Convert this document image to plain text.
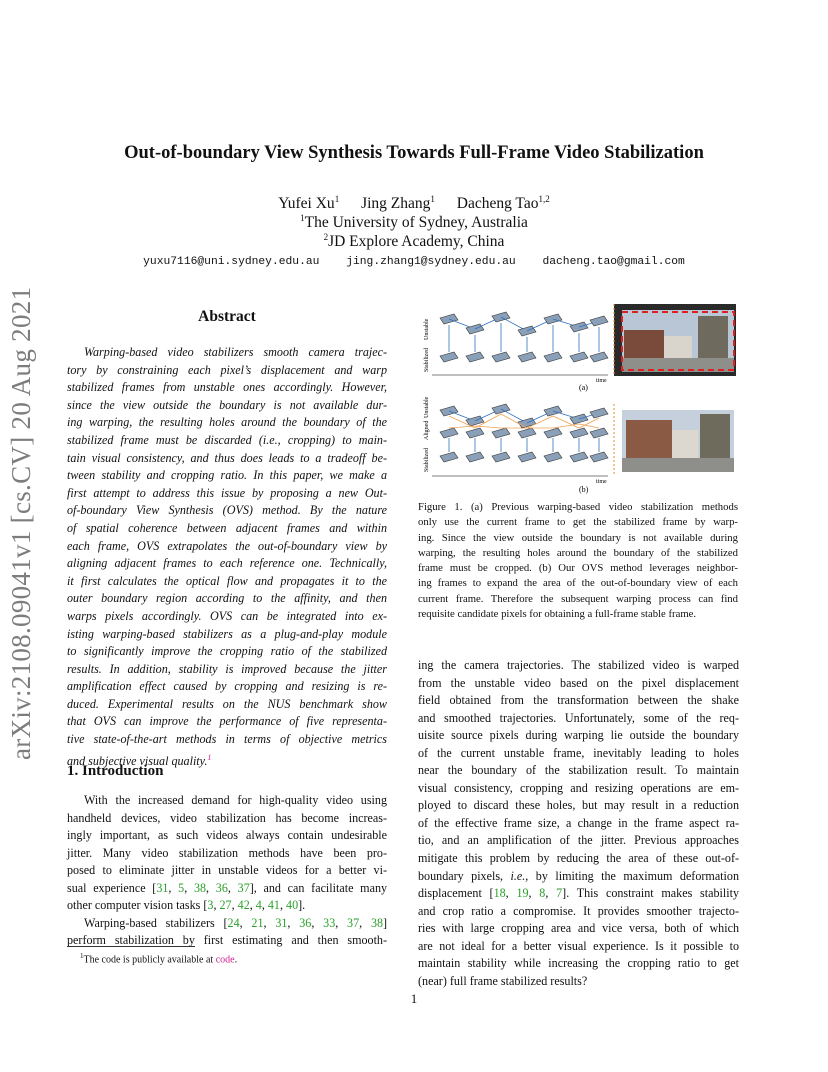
arXiv:2108.09041v1 [cs.CV] 20 Aug 2021
Out-of-boundary View Synthesis Towards Full-Frame Video Stabilization
Yufei Xu$^1$ Jing Zhang$^1$ Dacheng Tao$^{1,2}$
$^1$The University of Sydney, Australia
$^2$JD Explore Academy, China
yuxu7116@uni.sydney.edu.au jing.zhang1@sydney.edu.au dacheng.tao@gmail.com
Abstract
Warping-based video stabilizers smooth camera trajec-
tory by constraining each pixel’s displacement and warp
stabilized frames from unstable ones accordingly. However,
since the view outside the boundary is not available dur-
ing warping, the resulting holes around the boundary of the
stabilized frame must be discarded (i.e., cropping) to main-
tain visual consistency, and thus does leads to a tradeoff be-
tween stability and cropping ratio. In this paper, we make a
first attempt to address this issue by proposing a new Out-
of-boundary View Synthesis (OVS) method. By the nature
of spatial coherence between adjacent frames and within
each frame, OVS extrapolates the out-of-boundary view by
aligning adjacent frames to each reference one. Technically,
it first calculates the optical flow and propagates it to the
outer boundary region according to the affinity, and then
warps pixels accordingly. OVS can be integrated into ex-
isting warping-based stabilizers as a plug-and-play module
to significantly improve the cropping ratio of the stabilized
results. In addition, stability is improved because the jitter
amplification effect caused by cropping and resizing is re-
duced. Experimental results on the NUS benchmark show
that OVS can improve the performance of five representa-
tive state-of-the-art methods in terms of objective metrics
and subjective visual quality.$^1$
1. Introduction
With the increased demand for high-quality video using
handheld devices, video stabilization has become increas-
ingly important, as such videos always contain undesirable
jitter. Many video stabilization methods have been pro-
posed to eliminate jitter in unstable videos for a better vi-
sual experience [31, 5, 38, 36, 37], and can facilitate many
other computer vision tasks [3, 27, 42, 4, 41, 40].
Warping-based stabilizers [24, 21, 31, 36, 33, 37, 38]
perform stabilization by first estimating and then smooth-
$^1$The code is publicly available at code.
Unstable
Stabilized
time
(a)
Unstable
Aligned
Stabilized
time
(b)
Figure 1. (a) Previous warping-based video stabilization methods
only use the current frame to get the stabilized frame by warp-
ing. Since the view outside the boundary is not available during
warping, the resulting holes around the boundary of the stabilized
frame must be cropped. (b) Our OVS method leverages neighbor-
ing frames to expand the area of the out-of-boundary view of each
current frame. Therefore the subsequent warping process can find
requisite candidate pixels for obtaining a full-frame stable frame.
ing the camera trajectories. The stabilized video is warped
from the unstable video based on the pixel displacement
field obtained from the transformation between the shake
and smoothed trajectories. Unfortunately, some of the req-
uisite source pixels during warping lie outside the boundary
of the current unstable frame, inevitably leading to holes
near the boundary of the stabilization result. To maintain
visual consistency, cropping and resizing operations are em-
ployed to discard these holes, but may result in a reduction
of the effective frame size, a change in the frame aspect ra-
tio, and an amplification of the jitter. Previous approaches
mitigate this problem by reducing the area of these out-of-
boundary pixels, i.e., by limiting the maximum deformation
displacement [18, 19, 8, 7]. This constraint makes stability
and crop ratio a compromise. It provides smoother trajecto-
ries with large cropping area and vice versa, both of which
are not ideal for a better visual experience. Is it possible to
maintain stability while increasing the cropping ratio to get
(near) full frame stabilized results?
1
